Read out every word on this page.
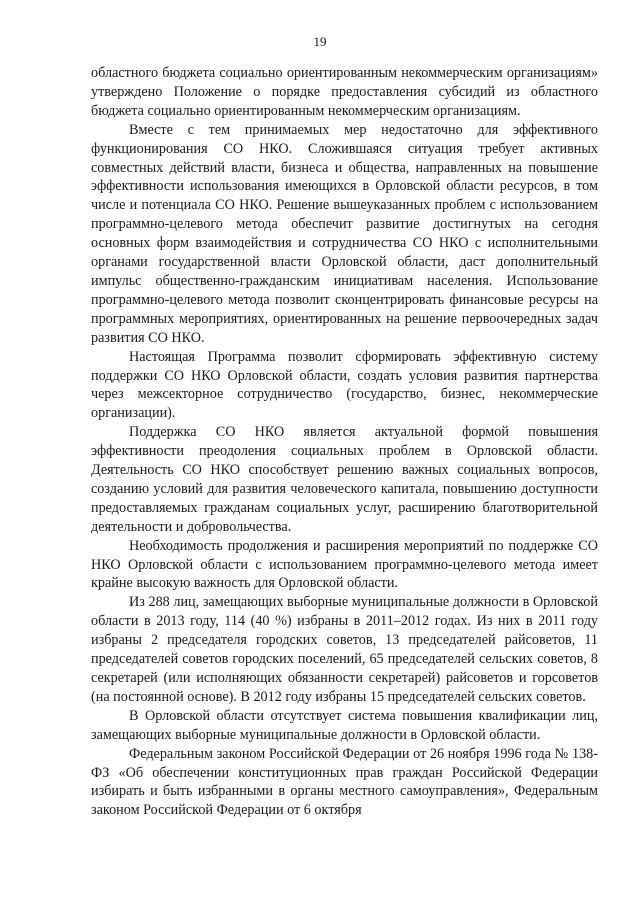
19

областного бюджета социально ориентированным некоммерческим организациям» утверждено Положение о порядке предоставления субсидий из областного бюджета социально ориентированным некоммерческим организациям.

Вместе с тем принимаемых мер недостаточно для эффективного функционирования СО НКО. Сложившаяся ситуация требует активных совместных действий власти, бизнеса и общества, направленных на повышение эффективности использования имеющихся в Орловской области ресурсов, в том числе и потенциала СО НКО. Решение вышеуказанных проблем с использованием программно-целевого метода обеспечит развитие достигнутых на сегодня основных форм взаимодействия и сотрудничества СО НКО с исполнительными органами государственной власти Орловской области, даст дополнительный импульс общественно-гражданским инициативам населения. Использование программно-целевого метода позволит сконцентрировать финансовые ресурсы на программных мероприятиях, ориентированных на решение первоочередных задач развития СО НКО.

Настоящая Программа позволит сформировать эффективную систему поддержки СО НКО Орловской области, создать условия развития партнерства через межсекторное сотрудничество (государство, бизнес, некоммерческие организации).

Поддержка СО НКО является актуальной формой повышения эффективности преодоления социальных проблем в Орловской области. Деятельность СО НКО способствует решению важных социальных вопросов, созданию условий для развития человеческого капитала, повышению доступности предоставляемых гражданам социальных услуг, расширению благотворительной деятельности и добровольчества.

Необходимость продолжения и расширения мероприятий по поддержке СО НКО Орловской области с использованием программно-целевого метода имеет крайне высокую важность для Орловской области.

Из 288 лиц, замещающих выборные муниципальные должности в Орловской области в 2013 году, 114 (40 %) избраны в 2011–2012 годах. Из них в 2011 году избраны 2 председателя городских советов, 13 председателей райсоветов, 11 председателей советов городских поселений, 65 председателей сельских советов, 8 секретарей (или исполняющих обязанности секретарей) райсоветов и горсоветов (на постоянной основе). В 2012 году избраны 15 председателей сельских советов.

В Орловской области отсутствует система повышения квалификации лиц, замещающих выборные муниципальные должности в Орловской области.

Федеральным законом Российской Федерации от 26 ноября 1996 года № 138-ФЗ «Об обеспечении конституционных прав граждан Российской Федерации избирать и быть избранными в органы местного самоуправления», Федеральным законом Российской Федерации от 6 октября
